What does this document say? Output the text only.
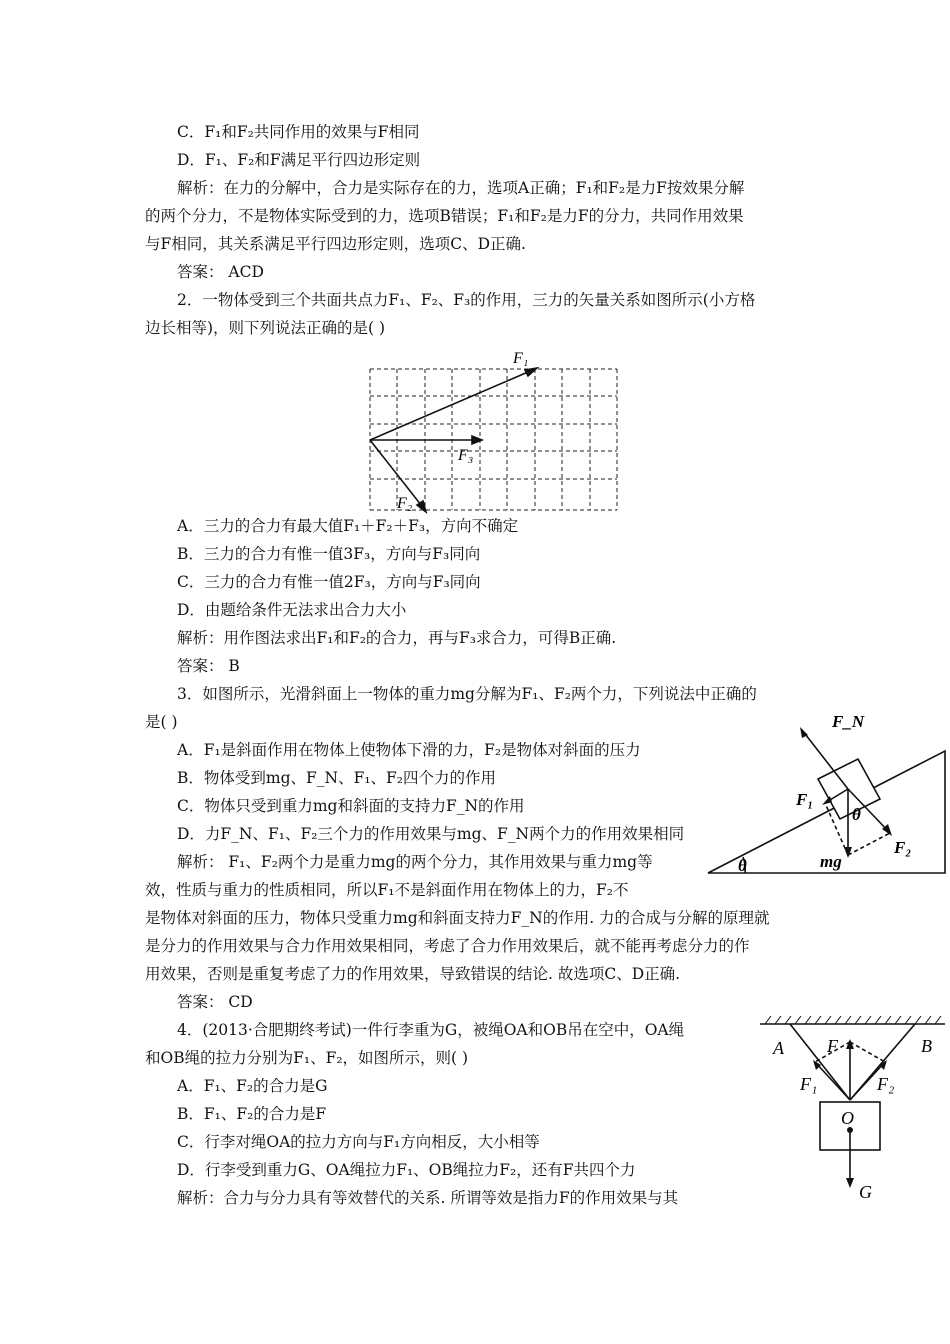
C．F₁和F₂共同作用的效果与F相同
D．F₁、F₂和F满足平行四边形定则
解析：在力的分解中，合力是实际存在的力，选项A正确；F₁和F₂是力F按效果分解
的两个分力，不是物体实际受到的力，选项B错误；F₁和F₂是力F的分力，共同作用效果
与F相同，其关系满足平行四边形定则，选项C、D正确.
答案： ACD
2．一物体受到三个共面共点力F₁、F₂、F₃的作用，三力的矢量关系如图所示(小方格
边长相等)，则下列说法正确的是( )
F₁
F₃
F₂
A．三力的合力有最大值F₁＋F₂＋F₃，方向不确定
B．三力的合力有惟一值3F₃，方向与F₃同向
C．三力的合力有惟一值2F₃，方向与F₃同向
D．由题给条件无法求出合力大小
解析：用作图法求出F₁和F₂的合力，再与F₃求合力，可得B正确.
答案： B
3．如图所示，光滑斜面上一物体的重力mg分解为F₁、F₂两个力，下列说法中正确的
是( )
A．F₁是斜面作用在物体上使物体下滑的力，F₂是物体对斜面的压力
B．物体受到mg、F_N、F₁、F₂四个力的作用
C．物体只受到重力mg和斜面的支持力F_N的作用
D．力F_N、F₁、F₂三个力的作用效果与mg、F_N两个力的作用效果相同
解析： F₁、F₂两个力是重力mg的两个分力，其作用效果与重力mg等
效，性质与重力的性质相同，所以F₁不是斜面作用在物体上的力，F₂不
是物体对斜面的压力，物体只受重力mg和斜面支持力F_N的作用. 力的合成与分解的原理就
是分力的作用效果与合力作用效果相同，考虑了合力作用效果后，就不能再考虑分力的作
用效果，否则是重复考虑了力的作用效果，导致错误的结论. 故选项C、D正确.
答案： CD
F_N
F₁
θ
F₂
mg
θ
4．(2013·合肥期终考试)一件行李重为G，被绳OA和OB吊在空中，OA绳
和OB绳的拉力分别为F₁、F₂，如图所示，则( )
A．F₁、F₂的合力是G
B．F₁、F₂的合力是F
C．行李对绳OA的拉力方向与F₁方向相反，大小相等
D．行李受到重力G、OA绳拉力F₁、OB绳拉力F₂，还有F共四个力
解析：合力与分力具有等效替代的关系. 所谓等效是指力F的作用效果与其
A	B
F
F₁	F₂
O
G
